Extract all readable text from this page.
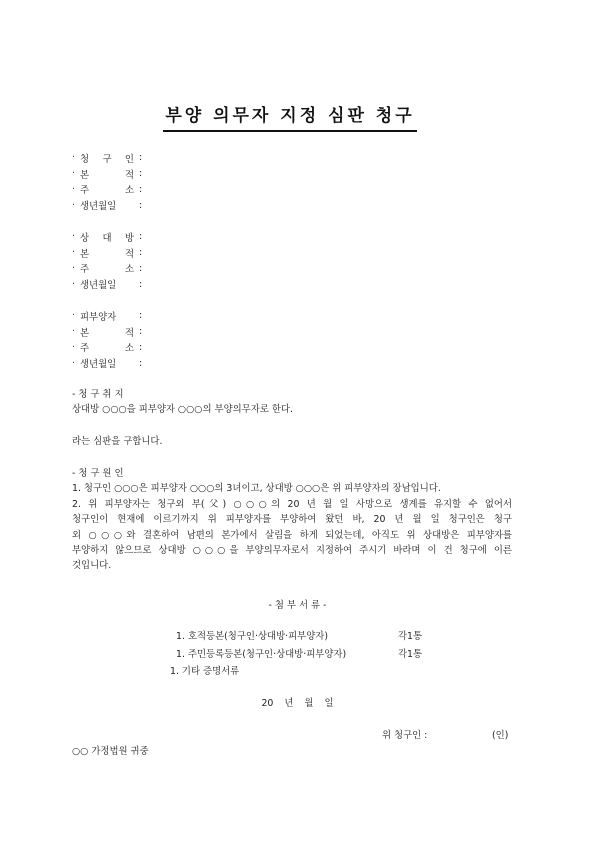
부양 의무자 지정 심판 청구
· 청 구 인 :
· 본 적 :
· 주 소 :
· 생년월일	:
· 상 대 방 :
· 본 적 :
· 주 소 :
· 생년월일	:
· 피부양자	:
· 본 적 :
· 주 소 :
· 생년월일	:

- 청 구 취 지

상대방 ○○○을 피부양자 ○○○의 부양의무자로 한다.

라는 심판을 구합니다.

- 청 구 원 인

1. 청구인 ○○○은 피부양자 ○○○의 3녀이고, 상대방 ○○○은 위 피부양자의 장남입니다.

2. 위 피부양자는 청구외 부(父) ○○○의 20 년 월 일 사망으로 생계를 유지할 수 없어서

청구인이 현재에 이르기까지 위 피부양자를 부양하여 왔던 바, 20 년 월 일 청구인은 청구

외 ○○○와 결혼하여 남편의 본가에서 살림을 하게 되었는데, 아직도 위 상대방은 피부양자를

부양하지 않으므로 상대방 ○○○을 부양의무자로서 지정하여 주시기 바라며 이 건 청구에 이른

것입니다.

- 첨 부 서 류 -
1. 호적등본(청구인·상대방·피부양자)	각1통
1. 주민등록등본(청구인·상대방·피부양자)	각1통
1. 기타 증명서류
20 년 월 일
위 청구인 :	(인)
○○ 가정법원 귀중
